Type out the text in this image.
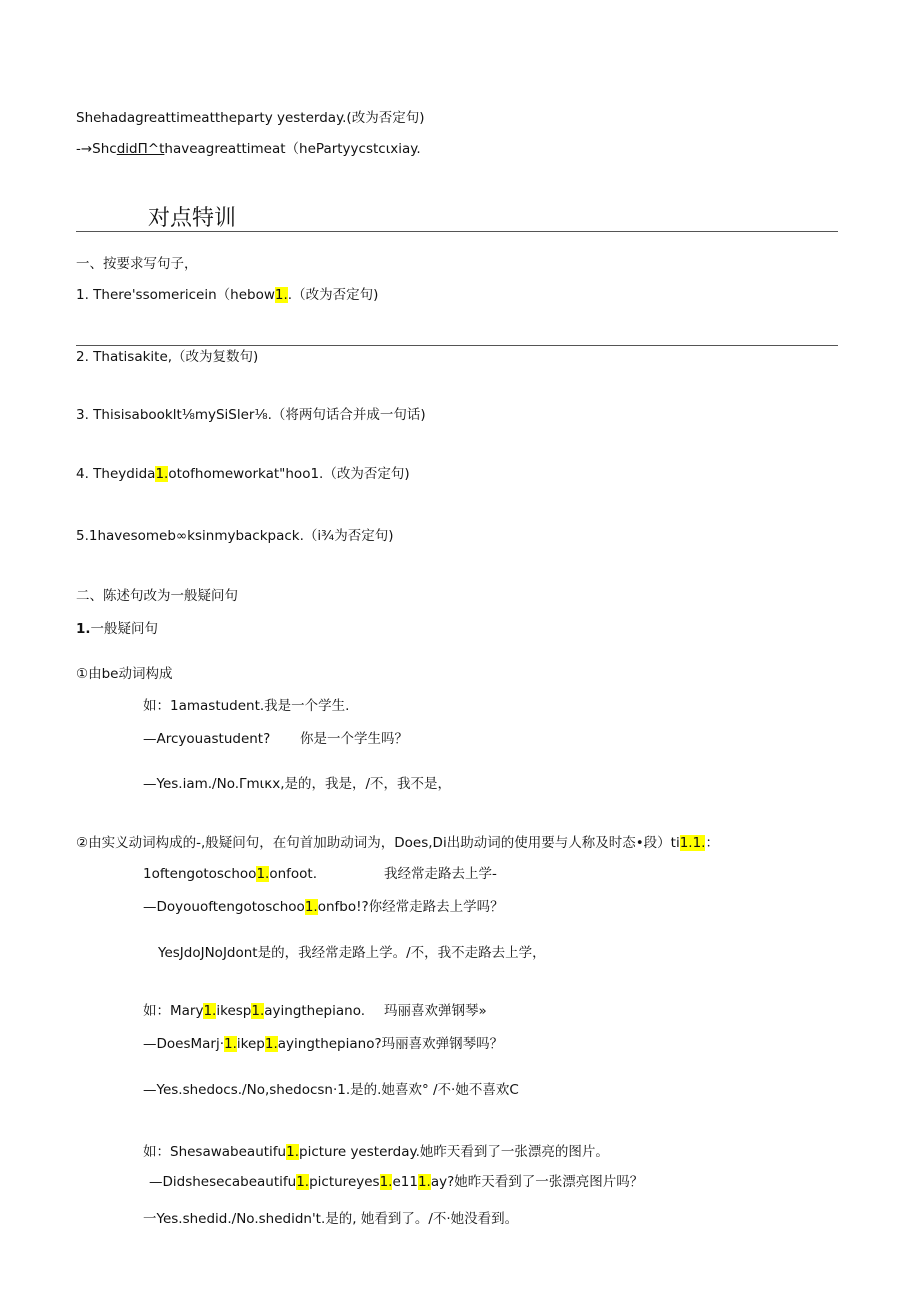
Shehadagreattimeattheparty yesterday.(改为否定句)
-→ShcdidΠ^thaveagreattimeat（hePartyycstcιxiay.
对点特训
一、按要求写句子，
1. There'ssomericein（hebow1..（改为否定句)
2. Thatisakite,（改为复数句)
3. Thisisabooklt⅛mySiSler⅛.（将两句话合并成一句话)
4. Theydida1.otofhomeworkat"hoo1.（改为否定句)
5.1havesomeb∞ksinmybackpack.（i¾为否定句)
二、陈述句改为一般疑问句
1.一般疑问句
①由be动词构成
如：1amastudent.我是一个学生.
—Arcyouastudent? 你是一个学生吗？
—Yes.iam./No.Γmικx,是的，我是，/不，我不是，
②由实义动词构成的-,般疑问句，在句首加助动词为，Does,Di出助动词的使用要与人称及时态•段）ti1.1.：
1oftengotoschoo1.onfoot.	我经常走路去上学-
—Doyouoftengotoschoo1.onfbo!?你经常走路去上学吗？
YesJdoJNoJdont是的，我经常走路上学。/不，我不走路去上学，
如：Mary1.ikesp1.ayingthepiano. 玛丽喜欢弹钢琴»
—DoesMarj·1.ikep1.ayingthepiano?玛丽喜欢弹钢琴吗？
—Yes.shedocs./No,shedocsn·1.是的.她喜欢° /不·她不喜欢C
如：Shesawabeautifu1.picture yesterday.她昨天看到了一张漂亮的图片。
—Didshesecabeautifu1.pictureyes1.e111.ay?她昨天看到了一张漂亮图片吗？
一Yes.shedid./No.shedidn't.是的, 她看到了。/不·她没看到。
